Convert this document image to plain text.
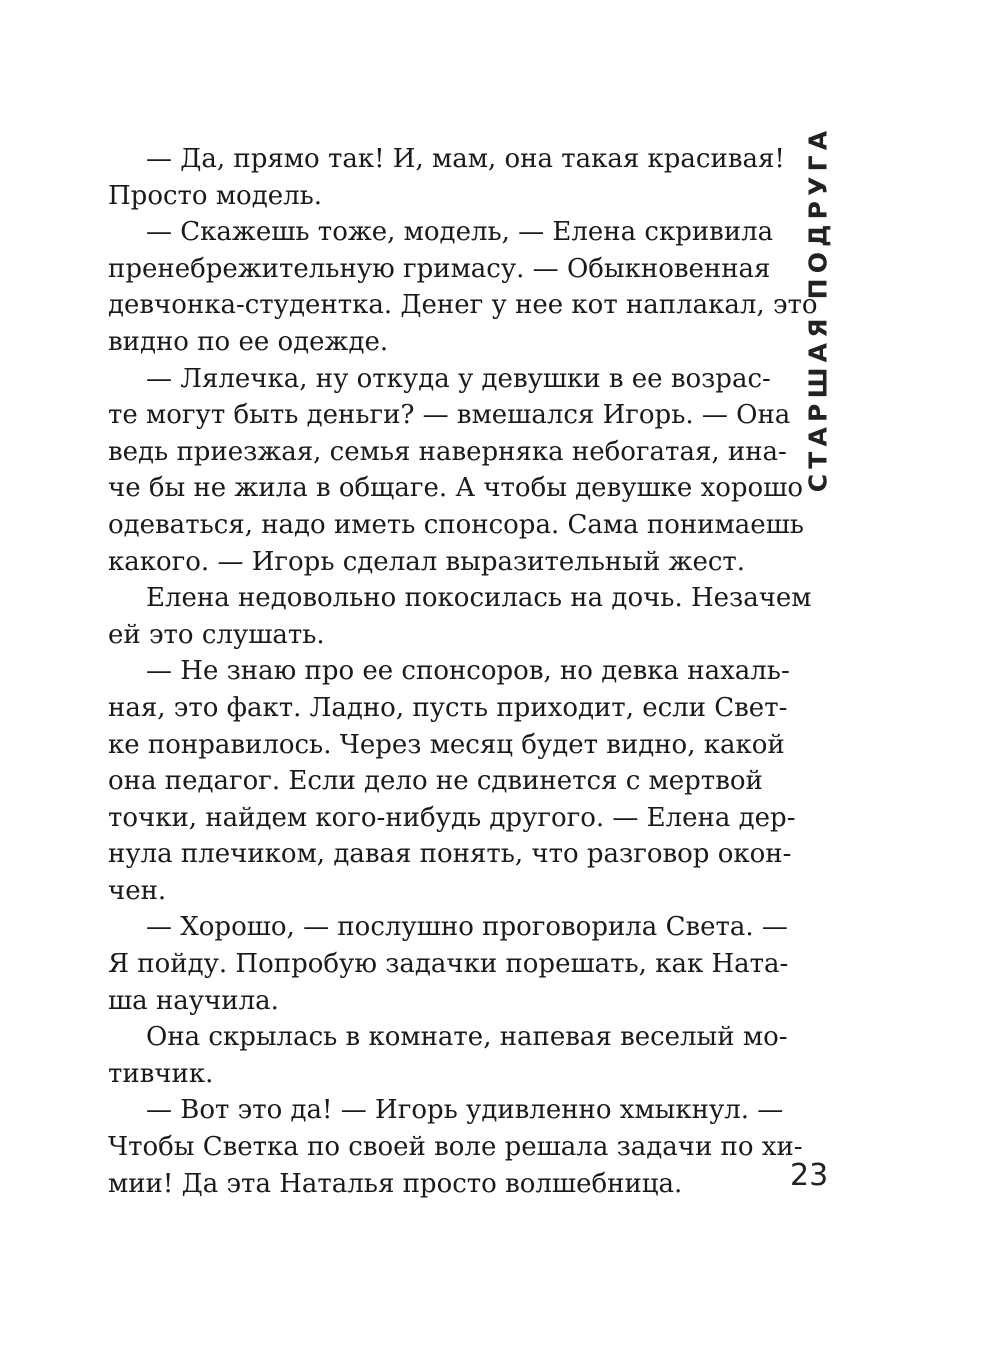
— Да, прямо так! И, мам, она такая красивая!
Просто модель.
— Скажешь тоже, модель, — Елена скривила
пренебрежительную гримасу. — Обыкновенная
девчонка-студентка. Денег у нее кот наплакал, это
видно по ее одежде.
— Лялечка, ну откуда у девушки в ее возрас-
те могут быть деньги? — вмешался Игорь. — Она
ведь приезжая, семья наверняка небогатая, ина-
че бы не жила в общаге. А чтобы девушке хорошо
одеваться, надо иметь спонсора. Сама понимаешь
какого. — Игорь сделал выразительный жест.
Елена недовольно покосилась на дочь. Незачем
ей это слушать.
— Не знаю про ее спонсоров, но девка нахаль-
ная, это факт. Ладно, пусть приходит, если Свет-
ке понравилось. Через месяц будет видно, какой
она педагог. Если дело не сдвинется с мертвой
точки, найдем кого-нибудь другого. — Елена дер-
нула плечиком, давая понять, что разговор окон-
чен.
— Хорошо, — послушно проговорила Света. —
Я пойду. Попробую задачки порешать, как Ната-
ша научила.
Она скрылась в комнате, напевая веселый мо-
тивчик.
— Вот это да! — Игорь удивленно хмыкнул. —
Чтобы Светка по своей воле решала задачи по хи-
мии! Да эта Наталья просто волшебница.
СТАРШАЯ ПОДРУГА
23
